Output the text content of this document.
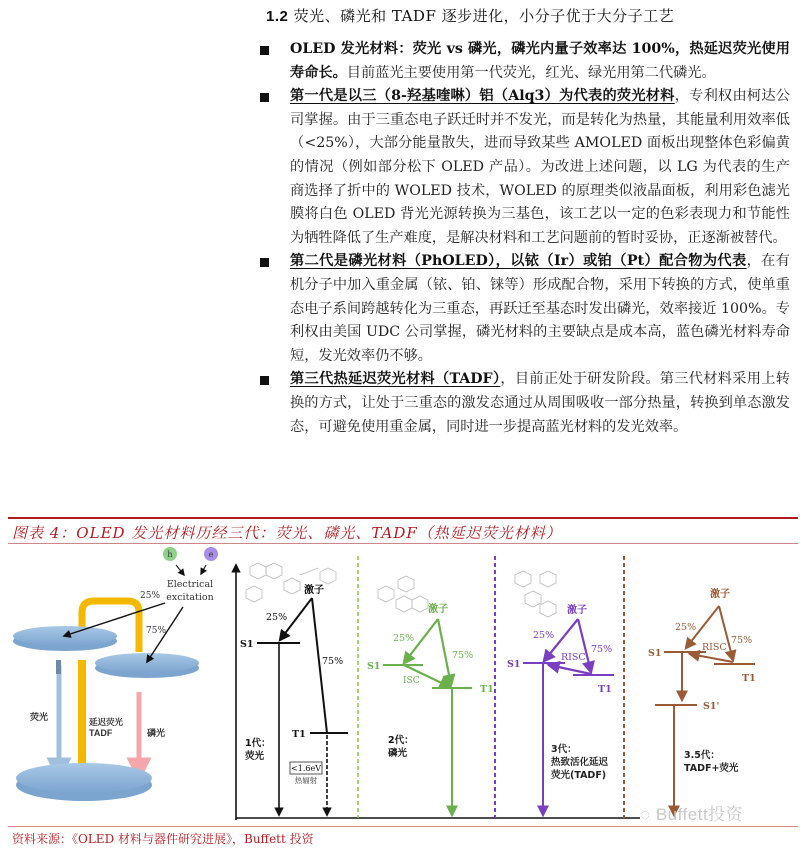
1.2 荧光、磷光和 TADF 逐步进化，小分子优于大分子工艺
OLED 发光材料：荧光 vs 磷光，磷光内量子效率达 100%，热延迟荧光使用寿命长。目前蓝光主要使用第一代荧光，红光、绿光用第二代磷光。
第一代是以三（8-羟基喹啉）铝（Alq3）为代表的荧光材料，专利权由柯达公司掌握。由于三重态电子跃迁时并不发光，而是转化为热量，其能量利用效率低（<25%），大部分能量散失，进而导致某些 AMOLED 面板出现整体色彩偏黄的情况（例如部分松下 OLED 产品）。为改进上述问题，以 LG 为代表的生产商选择了折中的 WOLED 技术，WOLED 的原理类似液晶面板，利用彩色滤光膜将白色 OLED 背光光源转换为三基色，该工艺以一定的色彩表现力和节能性为牺牲降低了生产难度，是解决材料和工艺问题前的暂时妥协，正逐渐被替代。
第二代是磷光材料（PhOLED），以铱（Ir）或铂（Pt）配合物为代表，在有机分子中加入重金属（铱、铂、铼等）形成配合物，采用下转换的方式，使单重态电子系间跨越转化为三重态，再跃迁至基态时发出磷光，效率接近 100%。专利权由美国 UDC 公司掌握，磷光材料的主要缺点是成本高，蓝色磷光材料寿命短，发光效率仍不够。
第三代热延迟荧光材料（TADF），目前正处于研发阶段。第三代材料采用上转换的方式，让处于三重态的激发态通过从周围吸收一部分热量，转换到单态激发态，可避免使用重金属，同时进一步提高蓝光材料的发光效率。
图表 4：OLED 发光材料历经三代：荧光、磷光、TADF（热延迟荧光材料）
h	e
Electrical
excitation
25%
75%
荧光	延迟荧光
TADF	磷光
激子
25%
75%
S1
T1
<1.6eV
热辐射
1代：
荧光
激子
25%
75%
S1
ISC
T1
2代：
磷光
激子
25%
75%
S1
RISC
T1
3代：
热致活化延迟
荧光(TADF)
激子
25%
75%
S1
RISC
T1
S1'
3.5代：
TADF+荧光
◌ Buffett投资
资料来源：《OLED 材料与器件研究进展》，Buffett 投资
